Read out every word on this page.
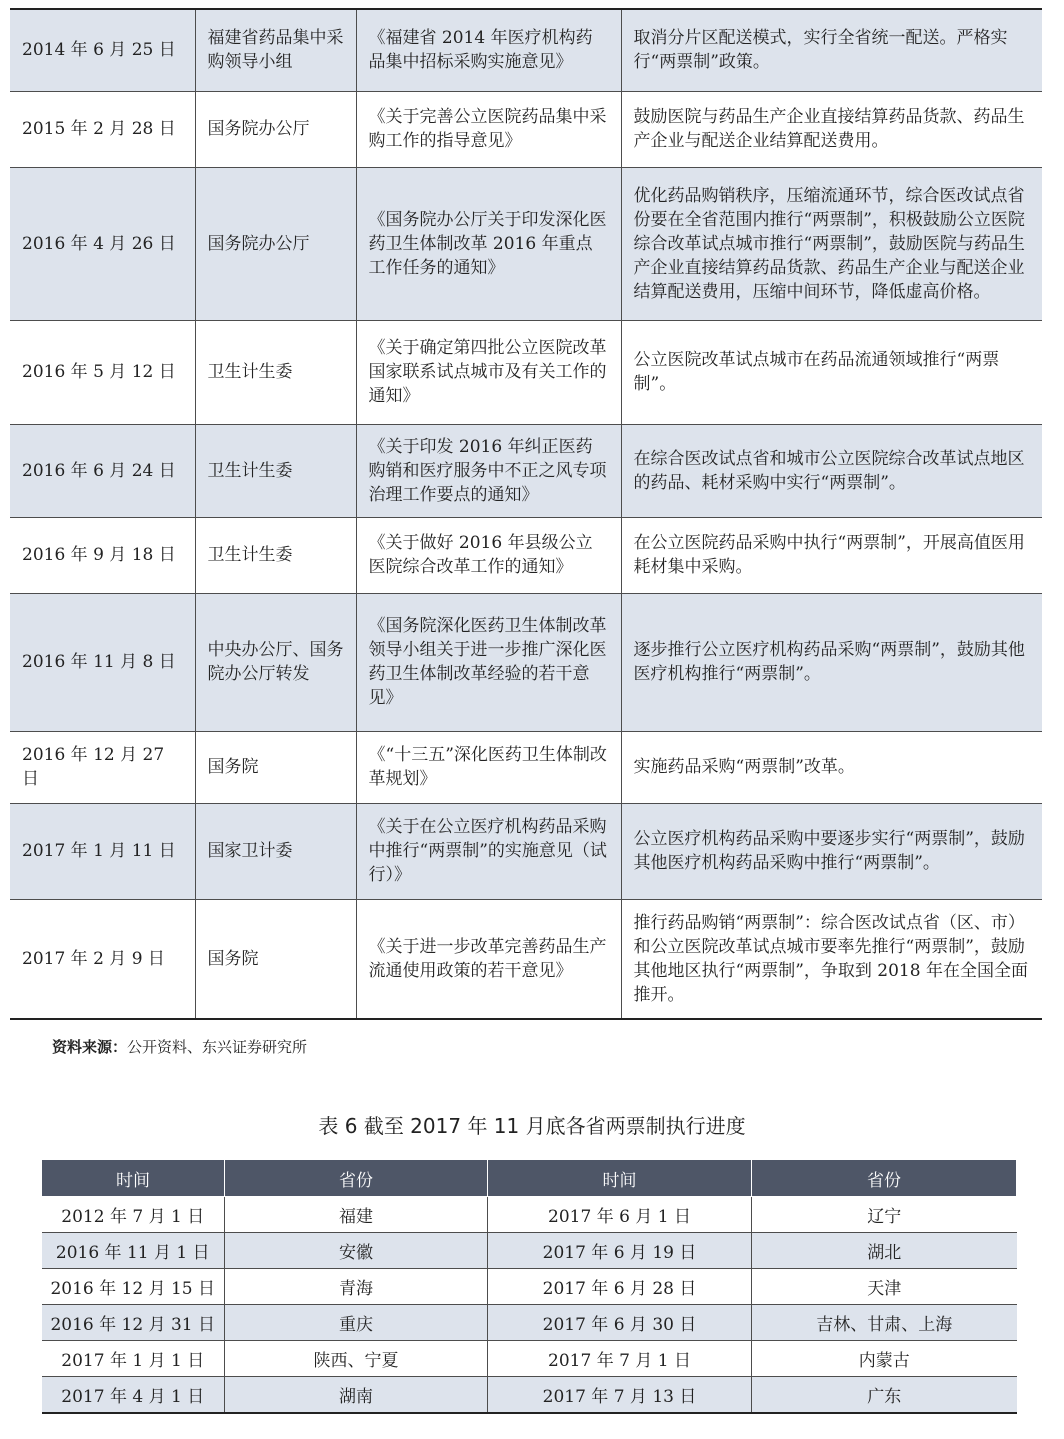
2014 年 6 月 25 日	福建省药品集中采购领导小组	《福建省 2014 年医疗机构药品集中招标采购实施意见》	取消分片区配送模式，实行全省统一配送。严格实行“两票制”政策。
2015 年 2 月 28 日	国务院办公厅	《关于完善公立医院药品集中采购工作的指导意见》	鼓励医院与药品生产企业直接结算药品货款、药品生产企业与配送企业结算配送费用。
2016 年 4 月 26 日	国务院办公厅	《国务院办公厅关于印发深化医药卫生体制改革 2016 年重点工作任务的通知》	优化药品购销秩序，压缩流通环节，综合医改试点省份要在全省范围内推行“两票制”，积极鼓励公立医院综合改革试点城市推行“两票制”，鼓励医院与药品生产企业直接结算药品货款、药品生产企业与配送企业结算配送费用，压缩中间环节，降低虚高价格。
2016 年 5 月 12 日	卫生计生委	《关于确定第四批公立医院改革国家联系试点城市及有关工作的通知》	公立医院改革试点城市在药品流通领域推行“两票制”。
2016 年 6 月 24 日	卫生计生委	《关于印发 2016 年纠正医药购销和医疗服务中不正之风专项治理工作要点的通知》	在综合医改试点省和城市公立医院综合改革试点地区的药品、耗材采购中实行“两票制”。
2016 年 9 月 18 日	卫生计生委	《关于做好 2016 年县级公立医院综合改革工作的通知》	在公立医院药品采购中执行“两票制”，开展高值医用耗材集中采购。
2016 年 11 月 8 日	中央办公厅、国务院办公厅转发	《国务院深化医药卫生体制改革领导小组关于进一步推广深化医药卫生体制改革经验的若干意见》	逐步推行公立医疗机构药品采购“两票制”，鼓励其他医疗机构推行“两票制”。
2016 年 12 月 27 日	国务院	《“十三五”深化医药卫生体制改革规划》	实施药品采购“两票制”改革。
2017 年 1 月 11 日	国家卫计委	《关于在公立医疗机构药品采购中推行“两票制”的实施意见（试行）》	公立医疗机构药品采购中要逐步实行“两票制”，鼓励其他医疗机构药品采购中推行“两票制”。
2017 年 2 月 9 日	国务院	《关于进一步改革完善药品生产流通使用政策的若干意见》	推行药品购销“两票制”：综合医改试点省（区、市）和公立医院改革试点城市要率先推行“两票制”，鼓励其他地区执行“两票制”，争取到 2018 年在全国全面推开。
资料来源：公开资料、东兴证券研究所
表 6 截至 2017 年 11 月底各省两票制执行进度
时间	省份	时间	省份
2012 年 7 月 1 日	福建	2017 年 6 月 1 日	辽宁
2016 年 11 月 1 日	安徽	2017 年 6 月 19 日	湖北
2016 年 12 月 15 日	青海	2017 年 6 月 28 日	天津
2016 年 12 月 31 日	重庆	2017 年 6 月 30 日	吉林、甘肃、上海
2017 年 1 月 1 日	陕西、宁夏	2017 年 7 月 1 日	内蒙古
2017 年 4 月 1 日	湖南	2017 年 7 月 13 日	广东
